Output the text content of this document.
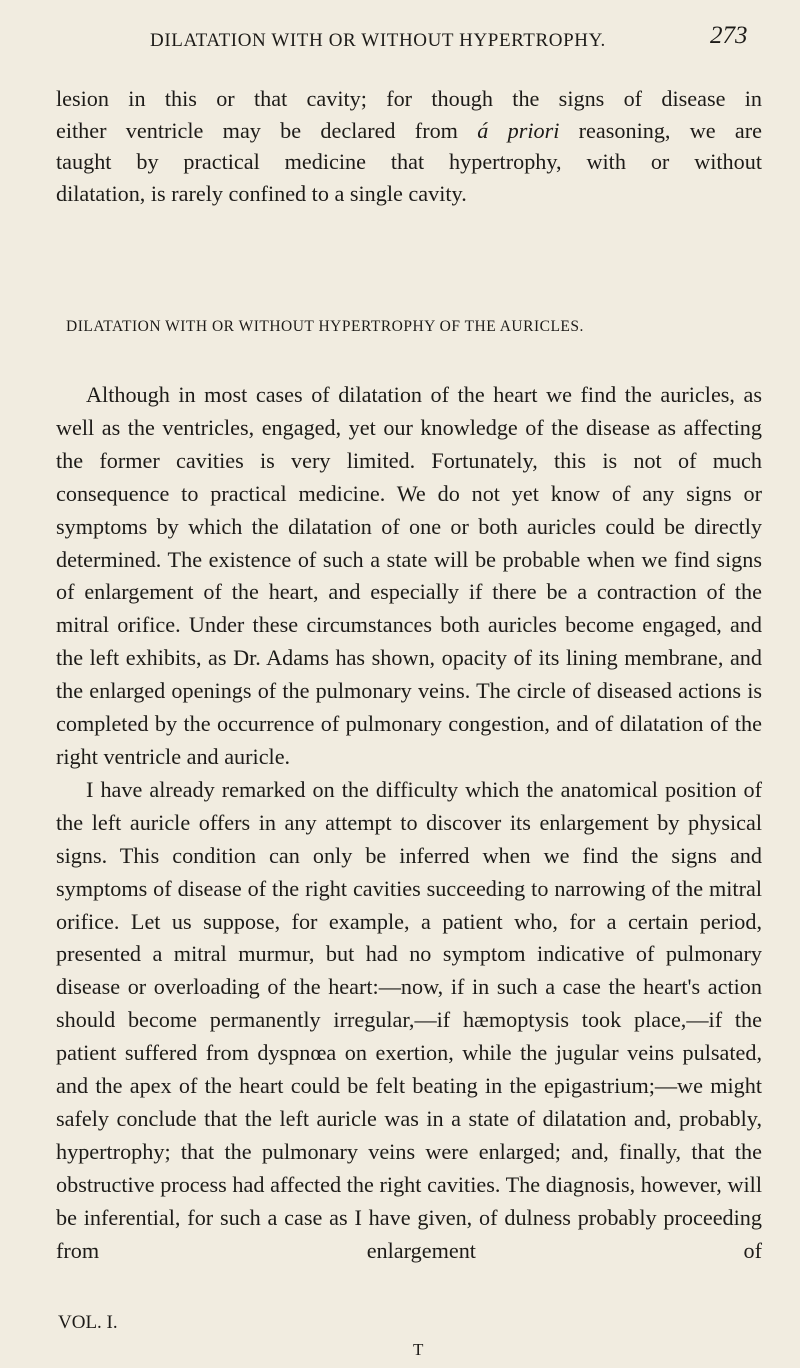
DILATATION WITH OR WITHOUT HYPERTROPHY.	273

lesion in this or that cavity; for though the signs of disease in

either ventricle may be declared from á priori reasoning, we are

taught by practical medicine that hypertrophy, with or without

dilatation, is rarely confined to a single cavity.

DILATATION WITH OR WITHOUT HYPERTROPHY OF THE AURICLES.

Although in most cases of dilatation of the heart we find the auricles, as well as the ventricles, engaged, yet our knowledge of the disease as affecting the former cavities is very limited. Fortunately, this is not of much consequence to practical medicine. We do not yet know of any signs or symptoms by which the dilatation of one or both auricles could be directly determined. The existence of such a state will be probable when we find signs of enlargement of the heart, and especially if there be a contraction of the mitral orifice. Under these circumstances both auricles become engaged, and the left exhibits, as Dr. Adams has shown, opacity of its lining membrane, and the enlarged openings of the pulmonary veins. The circle of diseased actions is completed by the occurrence of pulmonary congestion, and of dilatation of the right ventricle and auricle.

I have already remarked on the difficulty which the anatomical position of the left auricle offers in any attempt to discover its enlargement by physical signs. This condition can only be inferred when we find the signs and symptoms of disease of the right cavities succeeding to narrowing of the mitral orifice. Let us suppose, for example, a patient who, for a certain period, presented a mitral murmur, but had no symptom indicative of pulmonary disease or overloading of the heart:—now, if in such a case the heart's action should become permanently irregular,—if hæmoptysis took place,—if the patient suffered from dyspnœa on exertion, while the jugular veins pulsated, and the apex of the heart could be felt beating in the epigastrium;—we might safely conclude that the left auricle was in a state of dilatation and, probably, hypertrophy; that the pulmonary veins were enlarged; and, finally, that the obstructive process had affected the right cavities. The diagnosis, however, will be inferential, for such a case as I have given, of dulness probably proceeding from enlargement of

VOL. I.
T
